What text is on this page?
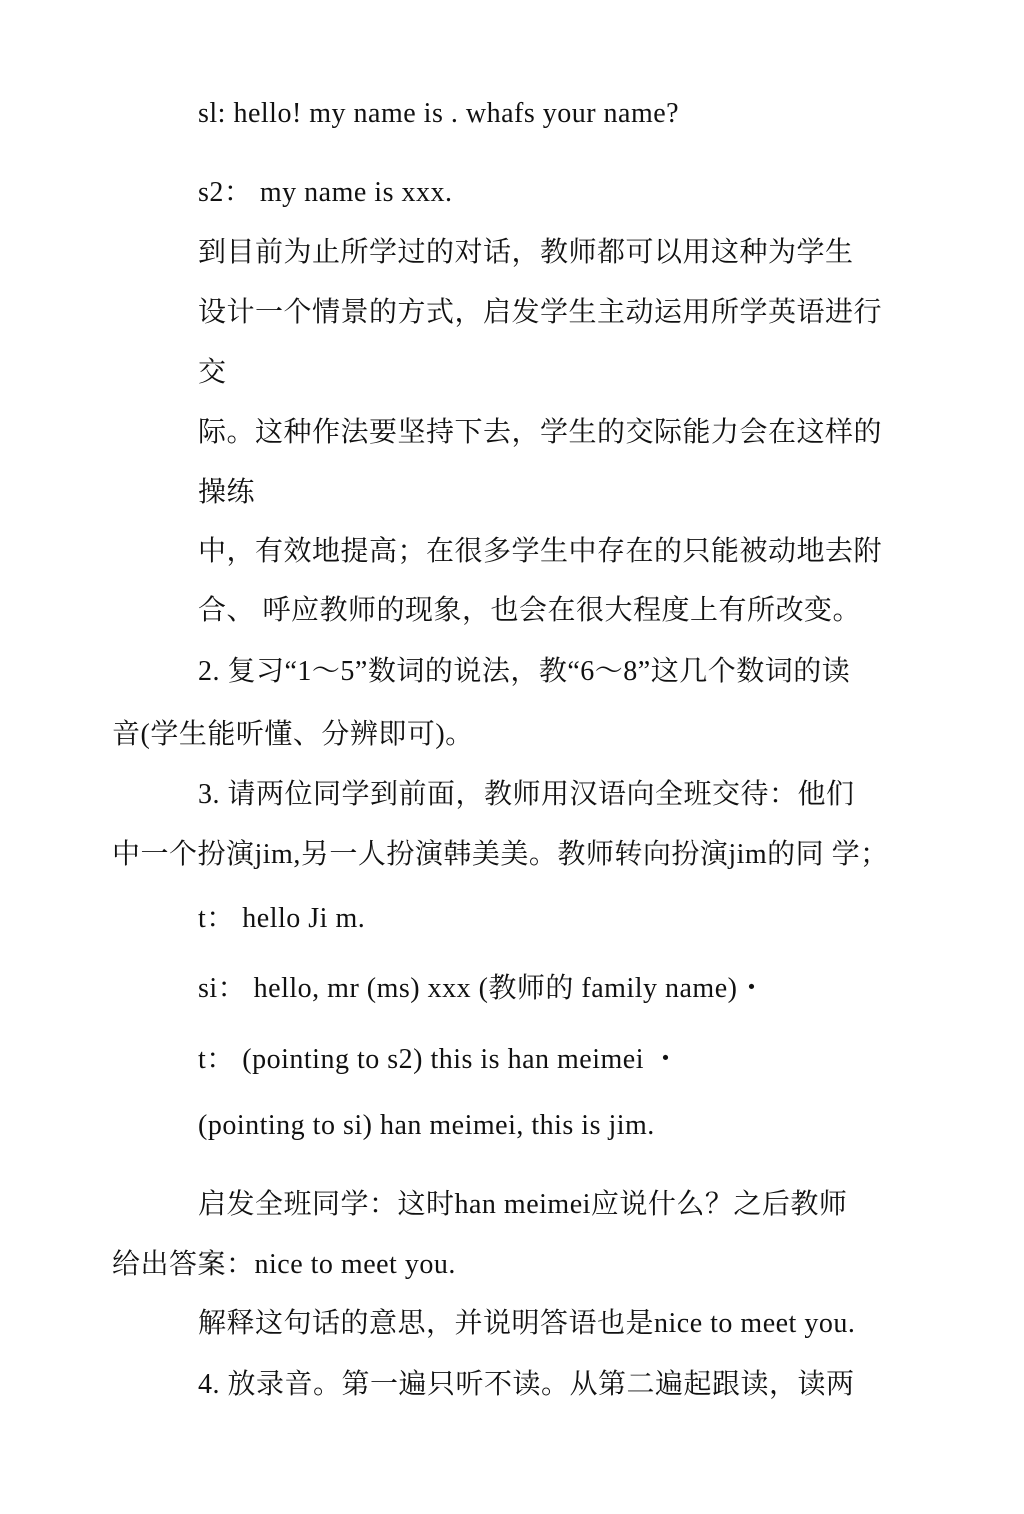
sl: hello! my name is . whafs your name?
s2： my name is xxx.
到目前为止所学过的对话，教师都可以用这种为学生
设计一个情景的方式，启发学生主动运用所学英语进行
交
际。这种作法要坚持下去，学生的交际能力会在这样的
操练
中，有效地提高；在很多学生中存在的只能被动地去附
合、 呼应教师的现象，也会在很大程度上有所改变。
2. 复习“1～5”数词的说法，教“6～8”这几个数词的读
音(学生能听懂、分辨即可)。
3. 请两位同学到前面，教师用汉语向全班交待：他们
中一个扮演jim,另一人扮演韩美美。教师转向扮演jim的同 学；
t： hello Ji m.
si： hello, mr (ms) xxx (教师的 family name)・
t： (pointing to s2) this is han meimei ・
(pointing to si) han meimei, this is jim.
启发全班同学：这时han meimei应说什么？之后教师
给出答案：nice to meet you.
解释这句话的意思，并说明答语也是nice to meet you.
4. 放录音。第一遍只听不读。从第二遍起跟读，读两
